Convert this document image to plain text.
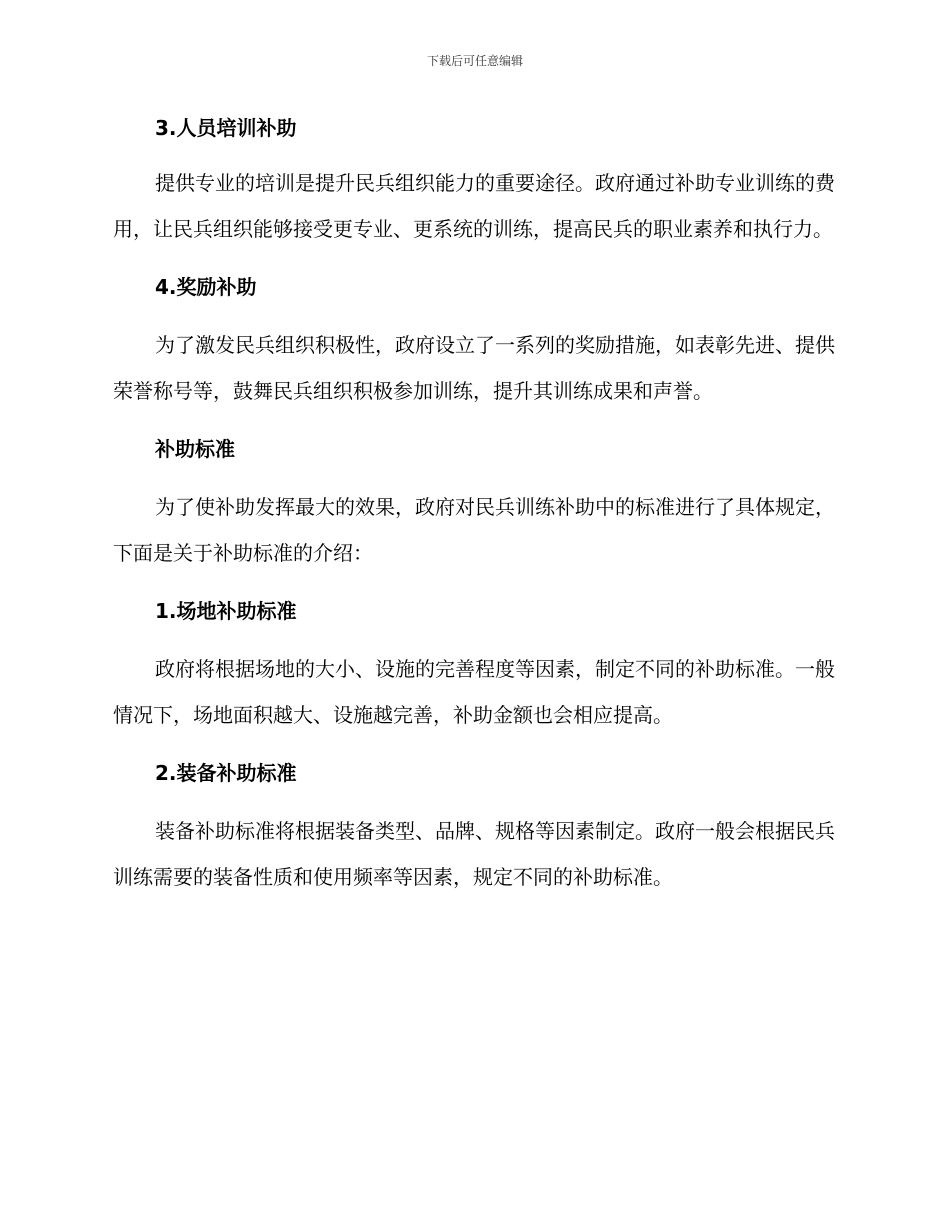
下载后可任意编辑
3.人员培训补助

提供专业的培训是提升民兵组织能力的重要途径。政府通过补助专业训练的费用，让民兵组织能够接受更专业、更系统的训练，提高民兵的职业素养和执行力。

4.奖励补助

为了激发民兵组织积极性，政府设立了一系列的奖励措施，如表彰先进、提供荣誉称号等，鼓舞民兵组织积极参加训练，提升其训练成果和声誉。

补助标准

为了使补助发挥最大的效果，政府对民兵训练补助中的标准进行了具体规定，下面是关于补助标准的介绍：

1.场地补助标准

政府将根据场地的大小、设施的完善程度等因素，制定不同的补助标准。一般情况下，场地面积越大、设施越完善，补助金额也会相应提高。

2.装备补助标准

装备补助标准将根据装备类型、品牌、规格等因素制定。政府一般会根据民兵训练需要的装备性质和使用频率等因素，规定不同的补助标准。
